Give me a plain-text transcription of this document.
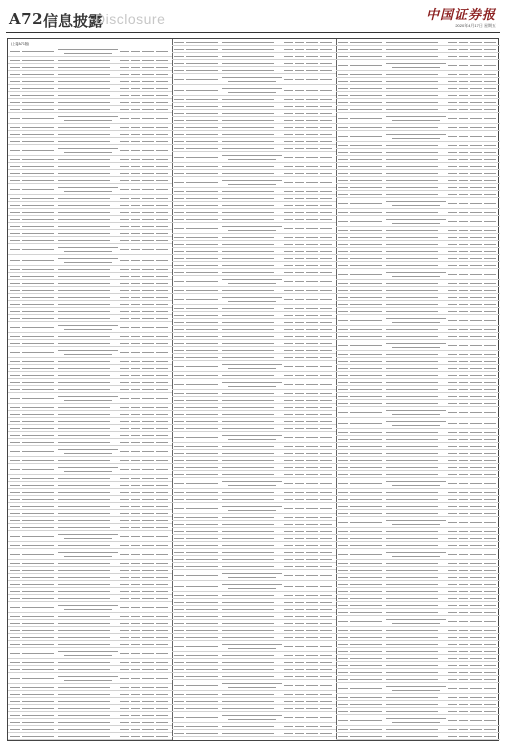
A72 信息披露
Disclosure	中国证券报
2020年4月17日 星期五
(上接A71版)
